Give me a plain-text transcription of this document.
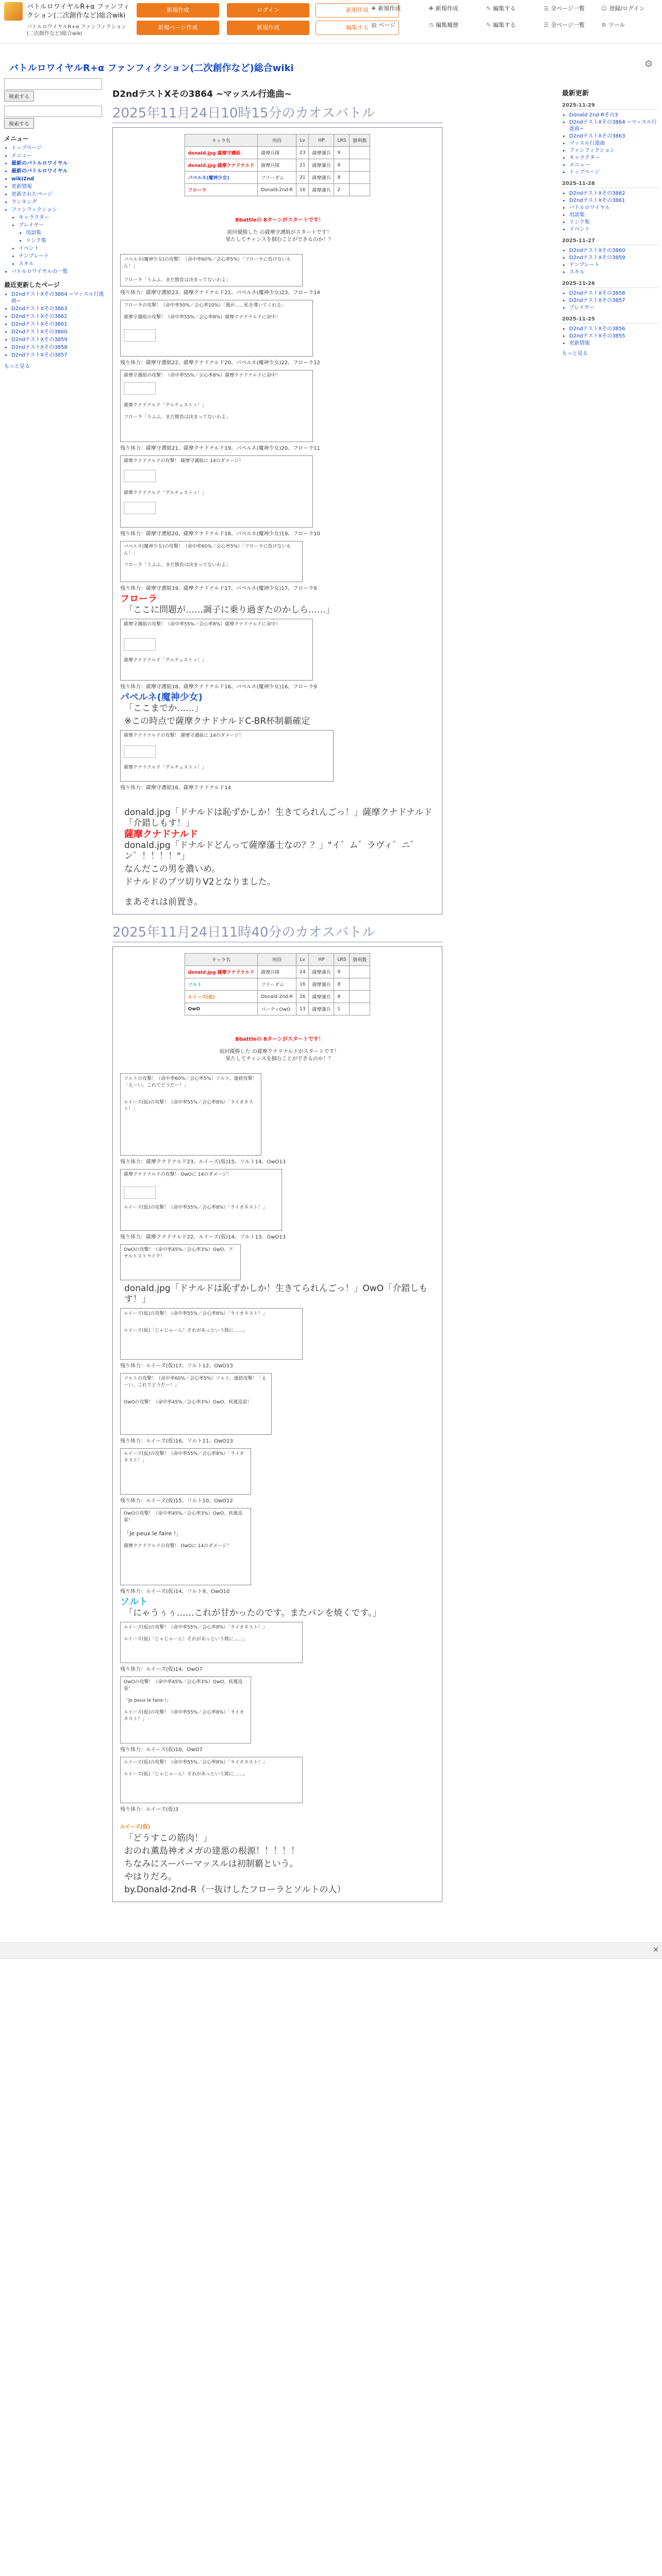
バトルロワイヤルR+α ファンフィクション(二次創作など)総合wiki
バトルロワイヤルR+α ファンフィクション(二次創作など)総合wiki
新規作成
新規ページ作成
ログイン
新規作成
新規作成
編集する
✚ 新規作成	✚ 新規作成	✎ 編集する	☰ 全ページ一覧	☺ 登録/ログイン ▤ ページ	◷ 編集履歴	✎ 編集する	☰ 全ページ一覧	⚙ ツール
バトルロワイヤルR+α ファンフィクション(二次創作など)総合wiki	⚙
検索する  検索する
メニュー
• トップページ
• メニュー
• 最新のバトルロワイヤル
• 最新のバトルロワイヤル
• wiki2nd
• 更新情報
• 更新されたページ
• ランキング
• ファンフィクション
• キャラクター
• プレイヤー
• 用語集
• リンク集
• イベント
• テンプレート
• スキル
• バトルロワイヤルの一覧
最近更新したページ
• D2ndテストXその3864 ~マッスル行進曲~
• D2ndテストXその3863
• D2ndテストXその3862
• D2ndテストXその3861
• D2ndテストXその3860
• D2ndテストXその3859
• D2ndテストXその3858
• D2ndテストXその3857
もっと見る
最新更新
2025-11-29
• Donald 2nd-Rその3
• D2ndテストXその3864 ~マッスル行進曲~
• D2ndテストXその3863
• マッスル行進曲
• ファンフィクション
• キャラクター
• メニュー
• トップページ
2025-11-28
• D2ndテストXその3862
• D2ndテストXその3861
• バトルロワイヤル
• 用語集
• リンク集
• イベント
2025-11-27
• D2ndテストXその3860
• D2ndテストXその3859
• テンプレート
• スキル
2025-11-26
• D2ndテストXその3858
• D2ndテストXその3857
• プレイヤー
2025-11-25
• D2ndテストXその3856
• D2ndテストXその3855
• 更新情報
もっと見る
D2ndテストXその3864 ~マッスル行進曲~
2025年11月24日10時15分のカオスバトル
キャラ名	所持	Lv	HP	LRS	勝利数
donald.jpg 薩摩守護組	薩摩兵隊	23	薩摩藩兵	9	
donald.jpg 薩摩クナドナルド	薩摩兵隊	21	薩摩藩兵	8	
パペルネ(魔神少女)	フリーダム	21	薩摩藩兵	8	
フローラ	Donald-2nd-R	16	薩摩藩兵	2	
Bbattleの 8ターンがスタートです！
前回優勝した の薩摩守護組がスタートです！
果たしてチャンスを掴むことができるのか！？
パペルネ(魔神少女)の攻撃！（命中率60%／会心率5%）「フローラに負けないもん！」
フローラ「うふふ、まだ勝負は決まってないわよ」
残り体力：薩摩守護組23、薩摩クナドナルド21、パペルネ(魔神少女)23、フローラ14
フローラの攻撃！（命中率50%／会心率10%）「風が……私を導いてくれる」
薩摩守護組の攻撃！（命中率55%／会心率8%）薩摩クナドナルドに命中！
残り体力：薩摩守護組22、薩摩クナドナルド20、パペルネ(魔神少女)22、フローラ12
薩摩守護組の攻撃！（命中率55%／会心率8%）薩摩クナドナルドに命中！
薩摩クナドナルド「グルチェストッ！」
フローラ「うふふ、まだ勝負は決まってないわよ」
残り体力：薩摩守護組21、薩摩クナドナルド19、パペルネ(魔神少女)20、フローラ11
薩摩クナドナルドの攻撃！ 薩摩守護組に 14のダメージ！
薩摩クナドナルド「グルチェストッ！」
残り体力：薩摩守護組20、薩摩クナドナルド18、パペルネ(魔神少女)19、フローラ10
パペルネ(魔神少女)の攻撃！（命中率60%／会心率5%）「フローラに負けないもん！」
フローラ「うふふ、まだ勝負は決まってないわよ」
残り体力：薩摩守護組19、薩摩クナドナルド17、パペルネ(魔神少女)17、フローラ9
フローラ
「ここに問題が……調子に乗り過ぎたのかしら……」
薩摩守護組の攻撃！（命中率55%／会心率8%）薩摩クナドナルドに命中！
薩摩クナドナルド「グルチェストッ！」
残り体力：薩摩守護組18、薩摩クナドナルド16、パペルネ(魔神少女)16、フローラ9
パペルネ(魔神少女)
「ここまでか……」
※この時点で薩摩クナドナルドC-BR杯制覇確定
薩摩クナドナルドの攻撃！ 薩摩守護組に 14のダメージ！
薩摩クナドナルド「グルチェストッ！」
残り体力：薩摩守護組16、薩摩クナドナルド14
donald.jpg「ドナルドは恥ずかしか！生きてられんごっ！」薩摩クナドナルド「介錯しもす！」
薩摩クナドナルド
donald.jpg「ドナルドどんって薩摩藩士なの？？」"イ゛ム゛ラヴィ゛ニ゛ン゛！！！！"」
なんだこの男を濃いめ。
ドナルドのブツ切りV2となりました。
まあそれは前置き。
2025年11月24日11時40分のカオスバトル
キャラ名	所持	Lv	HP	LRS	勝利数
donald.jpg 薩摩クナドナルド	薩摩兵隊	24	薩摩藩兵	9	
ソルト	フリーダム	16	薩摩藩兵	8	
ルイーズ(仮)	Donald-2nd-R	16	薩摩藩兵	8	
OwO	パーティOwO	13	薩摩藩兵	1	
Bbattleの 8ターンがスタートです！
前回優勝した の薩摩クナドナルドがスタートです！
果たしてチャンスを掴むことができるのか！？
ソルトの攻撃！（命中率60%／会心率5%）ソルト、連続攻撃！「えーい、これでどうだー！」
ルイーズ(仮)の攻撃！（命中率55%／会心率8%）「ライオネスト！」
残り体力：薩摩クナドナルド23、ルイーズ(仮)15、ソルト14、OwO13
薩摩クナドナルドの攻撃！ OwOに 14のダメージ！
ルイーズ(仮)の攻撃！（命中率55%／会心率8%）「ライオネスト！」
残り体力：薩摩クナドナルド22、ルイーズ(仮)14、ソルト13、OwO13
OwOの攻撃！（命中率45%／会心率3%）OwO、アサルトストライク！
donald.jpg「ドナルドは恥ずかしか！生きてられんごっ！」OwO「介錯しもす！」
ルイーズ(仮)の攻撃！（命中率55%／会心率8%）「ライオネスト！」
ルイーズ(仮)「じゃじゃーん！それがあっという間に……」
残り体力：ルイーズ(仮)17、ソルト12、OwO13
ソルトの攻撃！（命中率60%／会心率5%）ソルト、連続攻撃！「えーい、これでどうだー！」
OwOの攻撃！（命中率45%／会心率3%）OwO、疾風迅雷！
残り体力：ルイーズ(仮)16、ソルト11、OwO13
ルイーズ(仮)の攻撃！（命中率55%／会心率8%）「ライオネスト！」
残り体力：ルイーズ(仮)15、ソルト10、OwO12
OwOの攻撃！（命中率45%／会心率3%）OwO、疾風迅雷！
「Je peux le faire !」
薩摩クナドナルドの攻撃！ OwOに 14のダメージ！
残り体力：ルイーズ(仮)14、ソルト9、OwO10
ソルト
「にゃうぅぅ……これが甘かったのです。またパンを焼くです。」
ルイーズ(仮)の攻撃！（命中率55%／会心率8%）「ライオネスト！」
ルイーズ(仮)「じゃじゃーん！それがあっという間に……」
残り体力：ルイーズ(仮)14、OwO7
OwOの攻撃！（命中率45%／会心率3%）OwO、疾風迅雷！
「Je peux le faire !」
ルイーズ(仮)の攻撃！（命中率55%／会心率8%）「ライオネスト！」
残り体力：ルイーズ(仮)10、OwO7
ルイーズ(仮)の攻撃！（命中率55%／会心率8%）「ライオネスト！」
ルイーズ(仮)「じゃじゃーん！それがあっという間に……」
残り体力：ルイーズ(仮)3
ルイーズ(仮)
「どうすこの筋肉！」
おのれ薫島神オメガの建悪の根源！！！！！
ちなみにスーパーマッスルは初制覇という。
やはりだろ。
by.Donald-2nd-R（一抜けしたフローラとソルトの人）
✕
